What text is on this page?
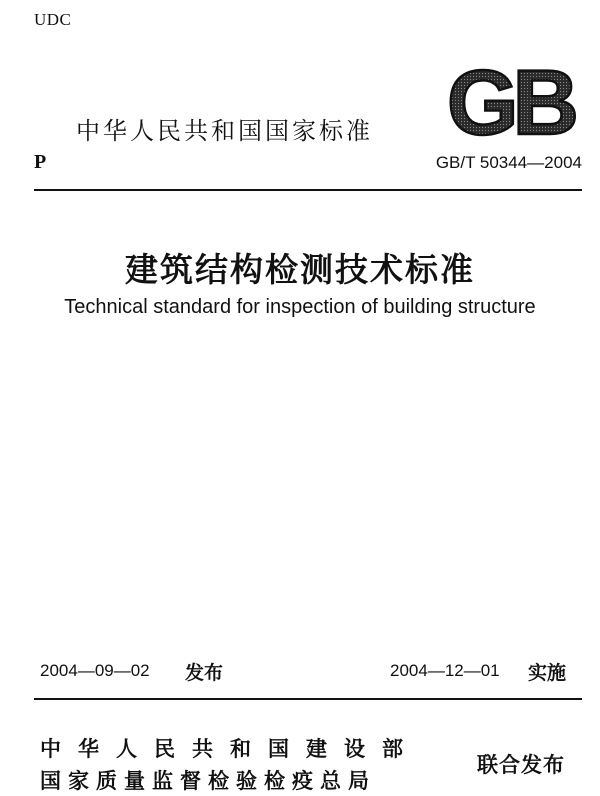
UDC
中华人民共和国国家标准 GB
P	GB/T 50344—2004
建筑结构检测技术标准
Technical standard for inspection of building structure
2004—09—02 发布	2004—12—01 实施
中华人民共和国建设部
国家质量监督检验检疫总局
联合发布
